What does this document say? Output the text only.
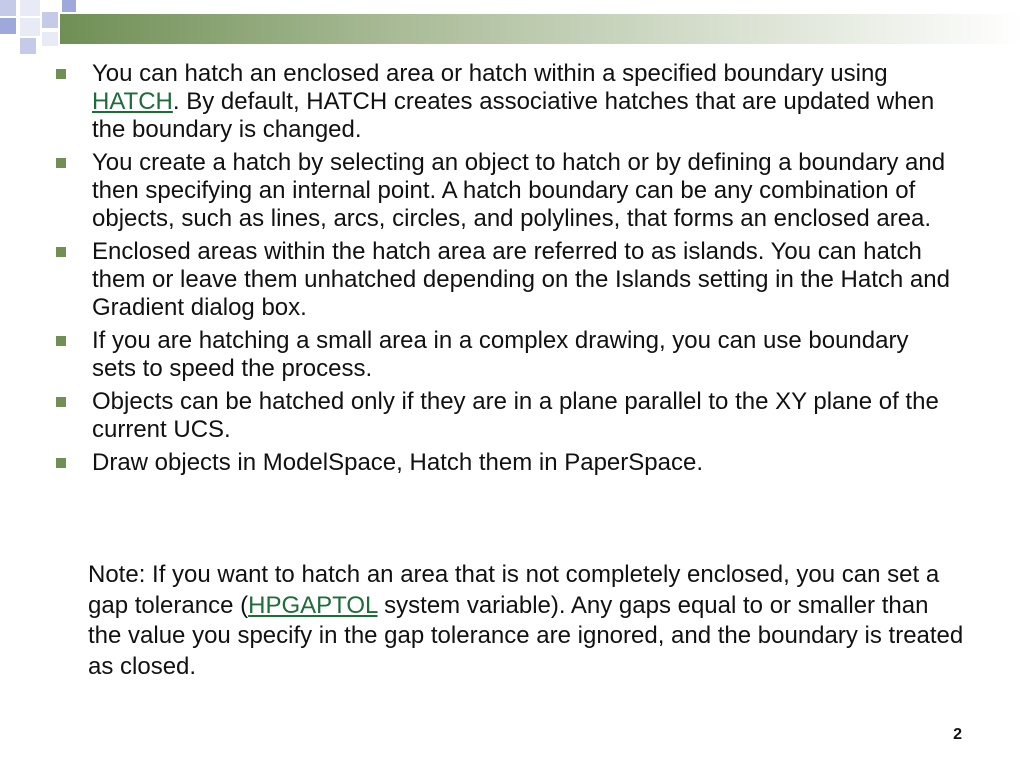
You can hatch an enclosed area or hatch within a specified boundary using HATCH. By default, HATCH creates associative hatches that are updated when the boundary is changed.
You create a hatch by selecting an object to hatch or by defining a boundary and then specifying an internal point. A hatch boundary can be any combination of objects, such as lines, arcs, circles, and polylines, that forms an enclosed area.
Enclosed areas within the hatch area are referred to as islands. You can hatch them or leave them unhatched depending on the Islands setting in the Hatch and Gradient dialog box.
If you are hatching a small area in a complex drawing, you can use boundary sets to speed the process.
Objects can be hatched only if they are in a plane parallel to the XY plane of the current UCS.
Draw objects in ModelSpace, Hatch them in PaperSpace.

Note: If you want to hatch an area that is not completely enclosed, you can set a gap tolerance (HPGAPTOL system variable). Any gaps equal to or smaller than the value you specify in the gap tolerance are ignored, and the boundary is treated as closed.

2
